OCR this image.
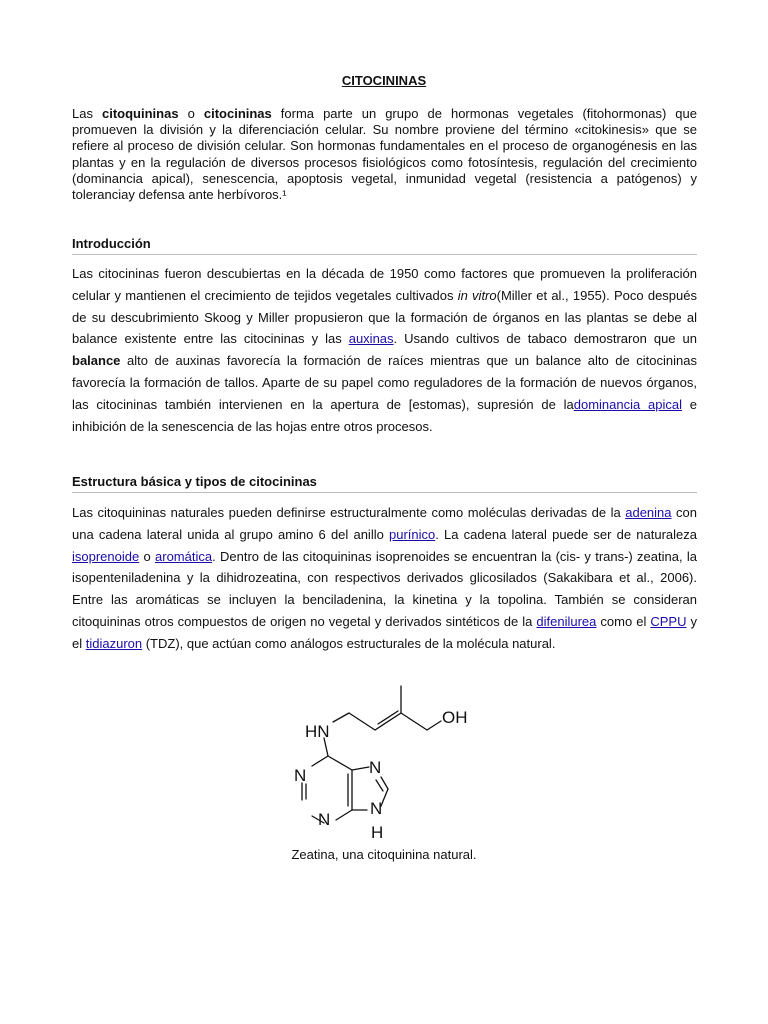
CITOCININAS

Las citoquininas o citocininas forma parte un grupo de hormonas vegetales (fitohormonas) que promueven la división y la diferenciación celular. Su nombre proviene del término «citokinesis» que se refiere al proceso de división celular. Son hormonas fundamentales en el proceso de organogénesis en las plantas y en la regulación de diversos procesos fisiológicos como fotosíntesis, regulación del crecimiento (dominancia apical), senescencia, apoptosis vegetal, inmunidad vegetal (resistencia a patógenos) y toleranciay defensa ante herbívoros.¹

Introducción

Las citocininas fueron descubiertas en la década de 1950 como factores que promueven la proliferación celular y mantienen el crecimiento de tejidos vegetales cultivados in vitro(Miller et al., 1955). Poco después de su descubrimiento Skoog y Miller propusieron que la formación de órganos en las plantas se debe al balance existente entre las citocininas y las auxinas. Usando cultivos de tabaco demostraron que un balance alto de auxinas favorecía la formación de raíces mientras que un balance alto de citocininas favorecía la formación de tallos. Aparte de su papel como reguladores de la formación de nuevos órganos, las citocininas también intervienen en la apertura de [estomas), supresión de ladominancia apical e inhibición de la senescencia de las hojas entre otros procesos.

Estructura básica y tipos de citocininas

Las citoquininas naturales pueden definirse estructuralmente como moléculas derivadas de la adenina con una cadena lateral unida al grupo amino 6 del anillo purínico. La cadena lateral puede ser de naturaleza isoprenoide o aromática. Dentro de las citoquininas isoprenoides se encuentran la (cis- y trans-) zeatina, la isopenteniladenina y la dihidrozeatina, con respectivos derivados glicosilados (Sakakibara et al., 2006). Entre las aromáticas se incluyen la benciladenina, la kinetina y la topolina. También se consideran citoquininas otros compuestos de origen no vegetal y derivados sintéticos de la difenilurea como el CPPU y el tidiazuron (TDZ), que actúan como análogos estructurales de la molécula natural.

HN
OH
N
N
N
N
H
Zeatina, una citoquinina natural.
